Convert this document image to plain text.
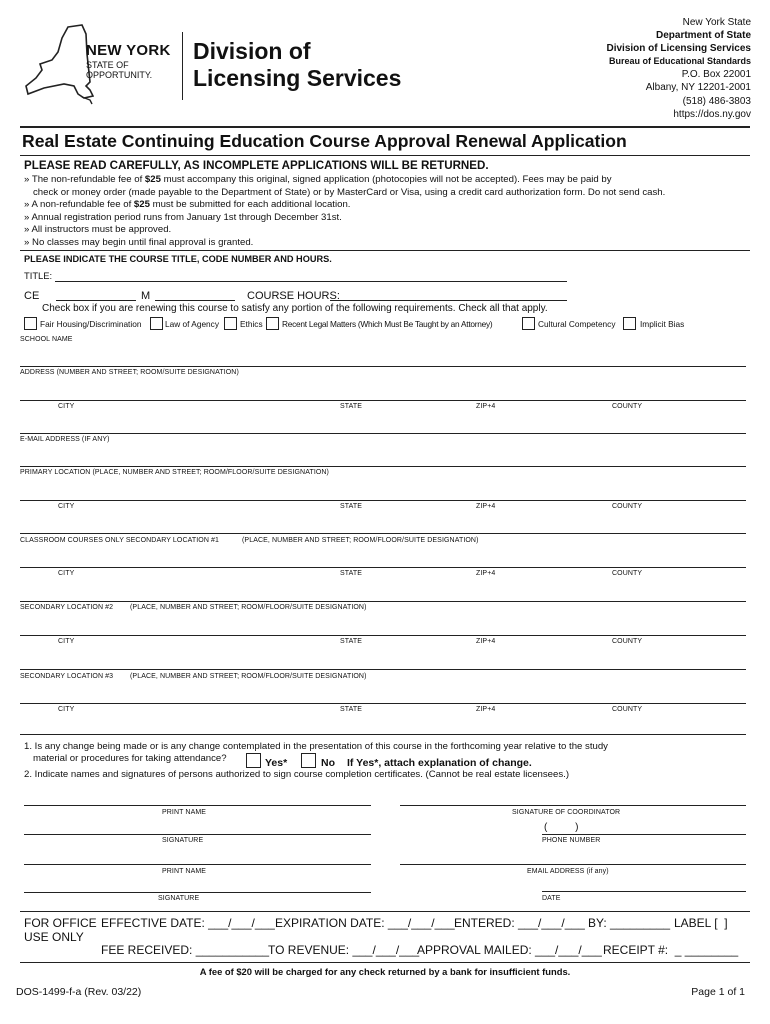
NEW YORK
STATE OF
OPPORTUNITY.
Division of
Licensing Services
New York State
Department of State
Division of Licensing Services
Bureau of Educational Standards
P.O. Box 22001
Albany, NY 12201-2001
(518) 486-3803
https://dos.ny.gov
Real Estate Continuing Education Course Approval Renewal Application
PLEASE READ CAREFULLY, AS INCOMPLETE APPLICATIONS WILL BE RETURNED.
» The non-refundable fee of $25 must accompany this original, signed application (photocopies will not be accepted). Fees may be paid by
check or money order (made payable to the Department of State) or by MasterCard or Visa, using a credit card authorization form. Do not send cash.
» A non-refundable fee of $25 must be submitted for each additional location.
» Annual registration period runs from January 1st through December 31st.
» All instructors must be approved.
» No classes may begin until final approval is granted.
PLEASE INDICATE THE COURSE TITLE, CODE NUMBER AND HOURS.
TITLE:
CE	M	COURSE HOURS:
Check box if you are renewing this course to satisfy any portion of the following requirements. Check all that apply.
Fair Housing/Discrimination	Law of Agency	Ethics Recent Legal Matters (Which Must Be Taught by an Attorney)	Cultural Competency	Implicit Bias
SCHOOL NAME
ADDRESS (NUMBER AND STREET; ROOM/SUITE DESIGNATION)
CITY	STATE	ZIP+4	COUNTY
E-MAIL ADDRESS (IF ANY)
PRIMARY LOCATION (PLACE, NUMBER AND STREET; ROOM/FLOOR/SUITE DESIGNATION)
CITY	STATE	ZIP+4	COUNTY
CLASSROOM COURSES ONLY SECONDARY LOCATION #1	(PLACE, NUMBER AND STREET; ROOM/FLOOR/SUITE DESIGNATION)
CITY	STATE	ZIP+4	COUNTY
SECONDARY LOCATION #2 (PLACE, NUMBER AND STREET; ROOM/FLOOR/SUITE DESIGNATION)
CITY	STATE	ZIP+4	COUNTY
SECONDARY LOCATION #3 (PLACE, NUMBER AND STREET; ROOM/FLOOR/SUITE DESIGNATION)
CITY	STATE	ZIP+4	COUNTY
1. Is any change being made or is any change contemplated in the presentation of this course in the forthcoming year relative to the study
material or procedures for taking attendance?	Yes*	No If Yes*, attach explanation of change.
2. Indicate names and signatures of persons authorized to sign course completion certificates. (Cannot be real estate licensees.)
PRINT NAME	SIGNATURE OF COORDINATOR
(          )
SIGNATURE	PHONE NUMBER
PRINT NAME	EMAIL ADDRESS (if any)
SIGNATURE	DATE
FOR OFFICE
USE ONLY
EFFECTIVE DATE: ___/___/___ EXPIRATION DATE: ___/___/___ ENTERED: ___/___/___ BY: _________ LABEL [  ]
FEE RECEIVED: ___________
TO REVENUE: ___/___/___
APPROVAL MAILED: ___/___/___ RECEIPT #:  _ ________
A fee of $20 will be charged for any check returned by a bank for insufficient funds.
DOS-1499-f-a (Rev. 03/22)	Page 1 of 1
